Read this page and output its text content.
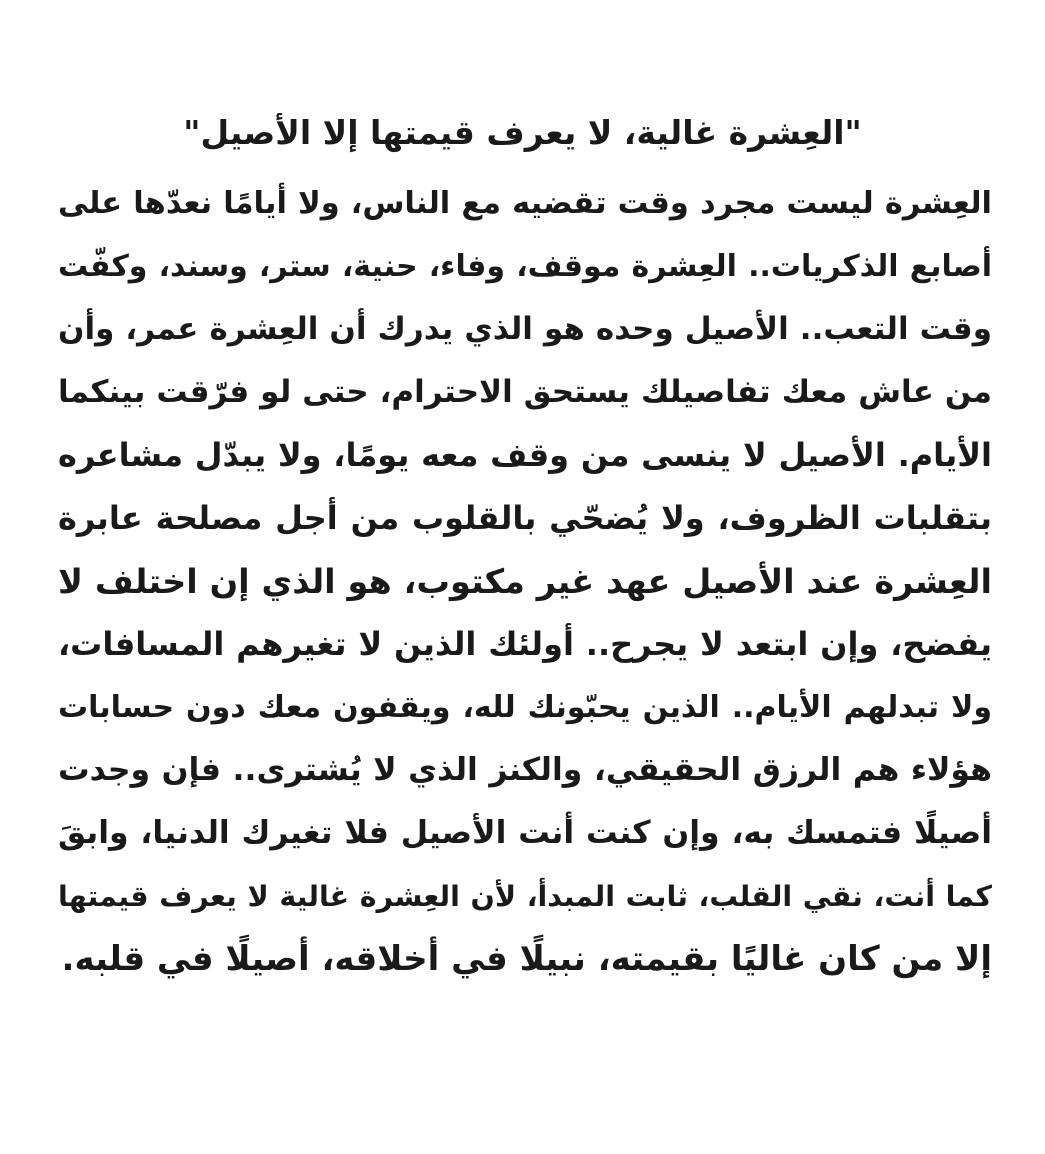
"العِشرة غالية، لا يعرف قيمتها إلا الأصيل"
العِشرة ليست مجرد وقت تقضيه مع الناس، ولا أيامًا نعدّها على
أصابع الذكريات.. العِشرة موقف، وفاء، حنية، ستر، وسند، وكفّت
وقت التعب.. الأصيل وحده هو الذي يدرك أن العِشرة عمر، وأن
من عاش معك تفاصيلك يستحق الاحترام، حتى لو فرّقت بينكما
الأيام. الأصيل لا ينسى من وقف معه يومًا، ولا يبدّل مشاعره
بتقلبات الظروف، ولا يُضحّي بالقلوب من أجل مصلحة عابرة
العِشرة عند الأصيل عهد غير مكتوب، هو الذي إن اختلف لا
يفضح، وإن ابتعد لا يجرح.. أولئك الذين لا تغيرهم المسافات،
ولا تبدلهم الأيام.. الذين يحبّونك لله، ويقفون معك دون حسابات
هؤلاء هم الرزق الحقيقي، والكنز الذي لا يُشترى.. فإن وجدت
أصيلًا فتمسك به، وإن كنت أنت الأصيل فلا تغيرك الدنيا، وابقَ
كما أنت، نقي القلب، ثابت المبدأ، لأن العِشرة غالية لا يعرف قيمتها
إلا من كان غاليًا بقيمته، نبيلًا في أخلاقه، أصيلًا في قلبه.
